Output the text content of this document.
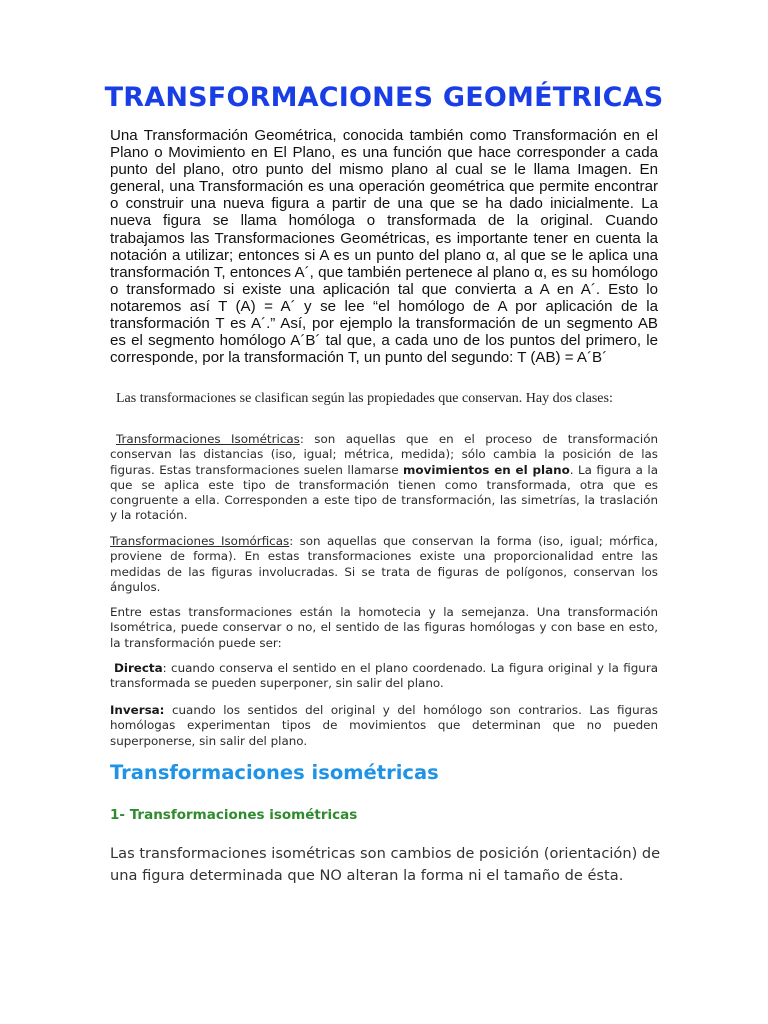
TRANSFORMACIONES GEOMÉTRICAS

Una Transformación Geométrica, conocida también como Transformación en el Plano o Movimiento en El Plano, es una función que hace corresponder a cada punto del plano, otro punto del mismo plano al cual se le llama Imagen. En general, una Transformación es una operación geométrica que permite encontrar o construir una nueva figura a partir de una que se ha dado inicialmente. La nueva figura se llama homóloga o transformada de la original. Cuando trabajamos las Transformaciones Geométricas, es importante tener en cuenta la notación a utilizar; entonces si A es un punto del plano α, al que se le aplica una transformación T, entonces A´, que también pertenece al plano α, es su homólogo o transformado si existe una aplicación tal que convierta a A en A´. Esto lo notaremos así T (A) = A´ y se lee “el homólogo de A por aplicación de la transformación T es A´.” Así, por ejemplo la transformación de un segmento AB es el segmento homólogo A´B´ tal que, a cada uno de los puntos del primero, le corresponde, por la transformación T, un punto del segundo: T (AB) = A´B´

Las transformaciones se clasifican según las propiedades que conservan. Hay dos clases:

Transformaciones Isométricas: son aquellas que en el proceso de transformación conservan las distancias (iso, igual; métrica, medida); sólo cambia la posición de las figuras. Estas transformaciones suelen llamarse movimientos en el plano. La figura a la que se aplica este tipo de transformación tienen como transformada, otra que es congruente a ella. Corresponden a este tipo de transformación, las simetrías, la traslación y la rotación.

Transformaciones Isomórficas: son aquellas que conservan la forma (iso, igual; mórfica, proviene de forma). En estas transformaciones existe una proporcionalidad entre las medidas de las figuras involucradas. Si se trata de figuras de polígonos, conservan los ángulos.

Entre estas transformaciones están la homotecia y la semejanza. Una transformación Isométrica, puede conservar o no, el sentido de las figuras homólogas y con base en esto, la transformación puede ser:

Directa: cuando conserva el sentido en el plano coordenado. La figura original y la figura transformada se pueden superponer, sin salir del plano.

Inversa: cuando los sentidos del original y del homólogo son contrarios. Las figuras homólogas experimentan tipos de movimientos que determinan que no pueden superponerse, sin salir del plano.

Transformaciones isométricas
1- Transformaciones isométricas

Las transformaciones isométricas son cambios de posición (orientación) de una figura determinada que NO alteran la forma ni el tamaño de ésta.
